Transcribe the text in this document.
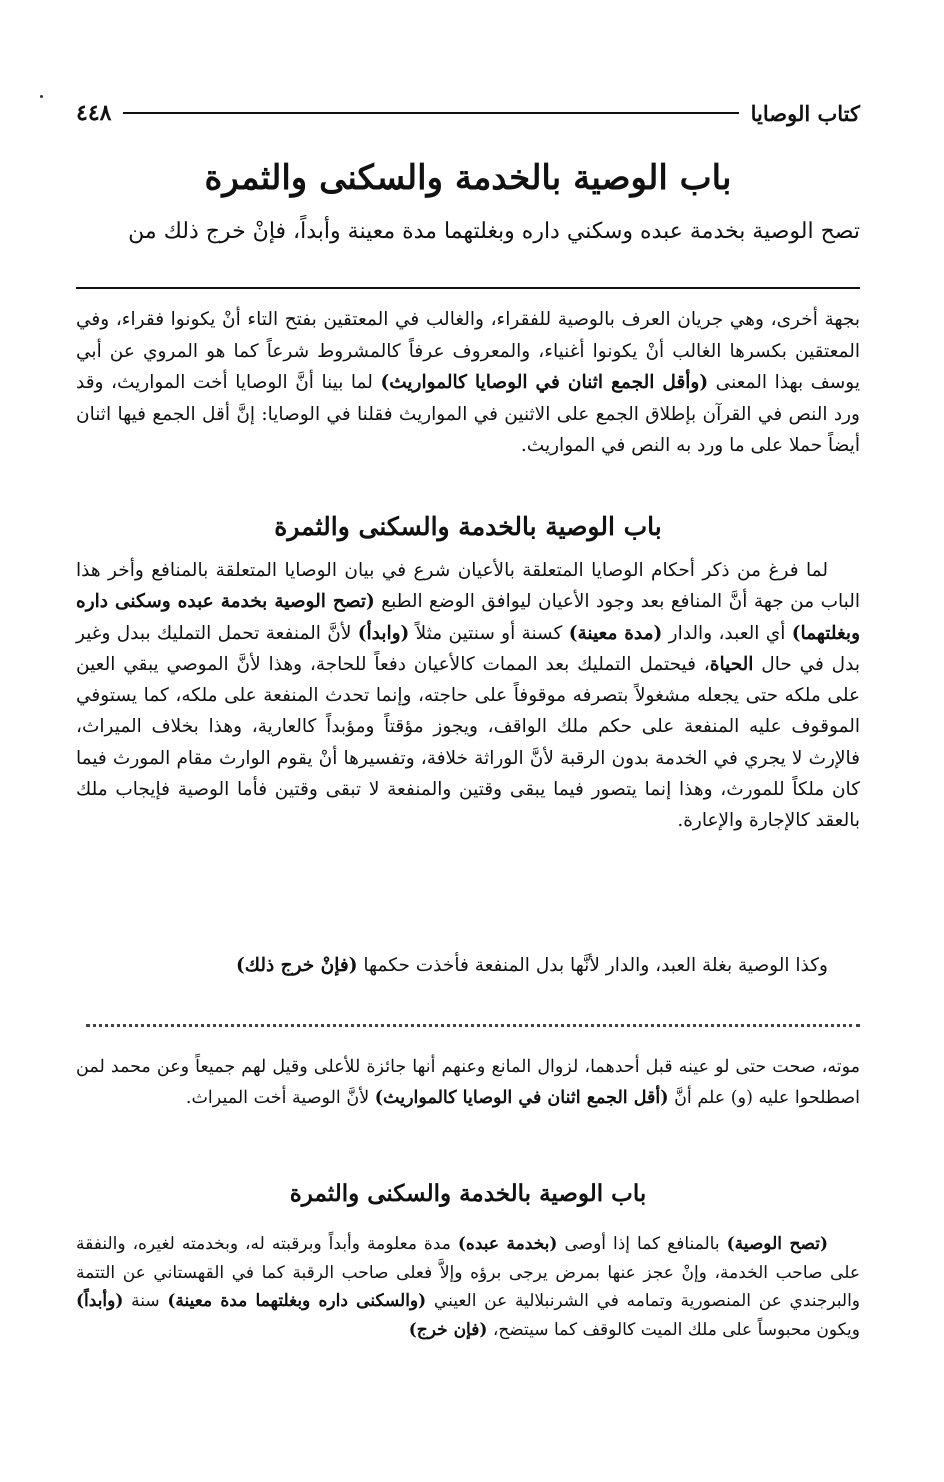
كتاب الوصايا
٤٤٨
باب الوصية بالخدمة والسكنى والثمرة
تصح الوصية بخدمة عبده وسكني داره وبغلتهما مدة معينة وأبداً، فإنْ خرج ذلك من

بجهة أخرى، وهي جريان العرف بالوصية للفقراء، والغالب في المعتقين بفتح التاء أنْ يكونوا فقراء، وفي المعتقين بكسرها الغالب أنْ يكونوا أغنياء، والمعروف عرفاً كالمشروط شرعاً كما هو المروي عن أبي يوسف بهذا المعنى (وأقل الجمع اثنان في الوصايا كالمواريث) لما بينا أنَّ الوصايا أخت المواريث، وقد ورد النص في القرآن بإطلاق الجمع على الاثنين في المواريث فقلنا في الوصايا: إنَّ أقل الجمع فيها اثنان أيضاً حملا على ما ورد به النص في المواريث.

باب الوصية بالخدمة والسكنى والثمرة

لما فرغ من ذكر أحكام الوصايا المتعلقة بالأعيان شرع في بيان الوصايا المتعلقة بالمنافع وأخر هذا الباب من جهة أنَّ المنافع بعد وجود الأعيان ليوافق الوضع الطبع (تصح الوصية بخدمة عبده وسكنى داره وبغلتهما) أي العبد، والدار (مدة معينة) كسنة أو سنتين مثلاً (وابدأ) لأنَّ المنفعة تحمل التمليك ببدل وغير بدل في حال الحياة، فيحتمل التمليك بعد الممات كالأعيان دفعاً للحاجة، وهذا لأنَّ الموصي يبقي العين على ملكه حتى يجعله مشغولاً بتصرفه موقوفاً على حاجته، وإنما تحدث المنفعة على ملكه، كما يستوفي الموقوف عليه المنفعة على حكم ملك الواقف، ويجوز مؤقتاً ومؤبداً كالعارية، وهذا بخلاف الميراث، فالإرث لا يجري في الخدمة بدون الرقبة لأنَّ الوراثة خلافة، وتفسيرها أنْ يقوم الوارث مقام المورث فيما كان ملكاً للمورث، وهذا إنما يتصور فيما يبقى وقتين والمنفعة لا تبقى وقتين فأما الوصية فإيجاب ملك بالعقد كالإجارة والإعارة.

وكذا الوصية بغلة العبد، والدار لأنَّها بدل المنفعة فأخذت حكمها (فإنْ خرج ذلك)

موته، صحت حتى لو عينه قبل أحدهما، لزوال المانع وعنهم أنها جائزة للأعلى وقيل لهم جميعاً وعن محمد لمن اصطلحوا عليه (و) علم أنَّ (أقل الجمع اثنان في الوصايا كالمواريث) لأنَّ الوصية أخت الميراث.

باب الوصية بالخدمة والسكنى والثمرة

(تصح الوصية) بالمنافع كما إذا أوصى (بخدمة عبده) مدة معلومة وأبداً وبرقبته له، وبخدمته لغيره، والنفقة على صاحب الخدمة، وإنْ عجز عنها بمرض يرجى برؤه وإلاَّ فعلى صاحب الرقبة كما في القهستاني عن التتمة والبرجندي عن المنصورية وتمامه في الشرنبلالية عن العيني (والسكنى داره وبغلتهما مدة معينة) سنة (وأبداً) ويكون محبوساً على ملك الميت كالوقف كما سيتضح، (فإن خرج)
